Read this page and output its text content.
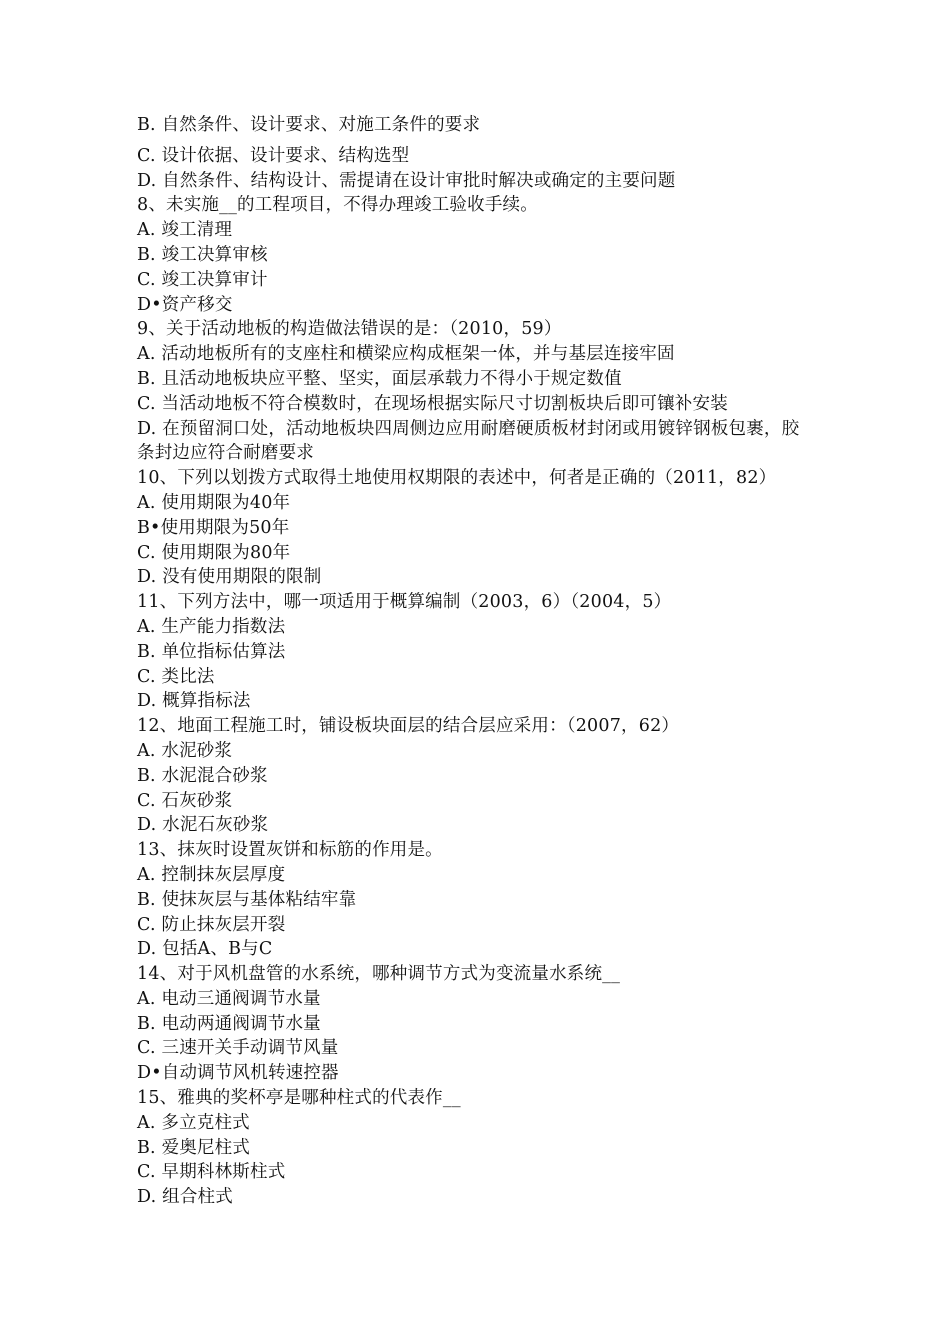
B. 自然条件、设计要求、对施工条件的要求
C. 设计依据、设计要求、结构选型
D. 自然条件、结构设计、需提请在设计审批时解决或确定的主要问题
8、未实施__的工程项目，不得办理竣工验收手续。
A. 竣工清理
B. 竣工决算审核
C. 竣工决算审计
D•资产移交
9、关于活动地板的构造做法错误的是：（2010，59）
A. 活动地板所有的支座柱和横梁应构成框架一体，并与基层连接牢固
B. 且活动地板块应平整、坚实，面层承载力不得小于规定数值
C. 当活动地板不符合模数时，在现场根据实际尺寸切割板块后即可镶补安装
D. 在预留洞口处，活动地板块四周侧边应用耐磨硬质板材封闭或用镀锌钢板包裹，胶条封边应符合耐磨要求
10、下列以划拨方式取得土地使用权期限的表述中，何者是正确的（2011，82）
A. 使用期限为40年
B•使用期限为50年
C. 使用期限为80年
D. 没有使用期限的限制
11、下列方法中，哪一项适用于概算编制（2003，6）（2004，5）
A. 生产能力指数法
B. 单位指标估算法
C. 类比法
D. 概算指标法
12、地面工程施工时，铺设板块面层的结合层应采用：（2007，62）
A. 水泥砂浆
B. 水泥混合砂浆
C. 石灰砂浆
D. 水泥石灰砂浆
13、抹灰时设置灰饼和标筋的作用是。
A. 控制抹灰层厚度
B. 使抹灰层与基体粘结牢靠
C. 防止抹灰层开裂
D. 包括A、B与C
14、对于风机盘管的水系统，哪种调节方式为变流量水系统__
A. 电动三通阀调节水量
B. 电动两通阀调节水量
C. 三速开关手动调节风量
D•自动调节风机转速控器
15、雅典的奖杯亭是哪种柱式的代表作__
A. 多立克柱式
B. 爱奥尼柱式
C. 早期科林斯柱式
D. 组合柱式
